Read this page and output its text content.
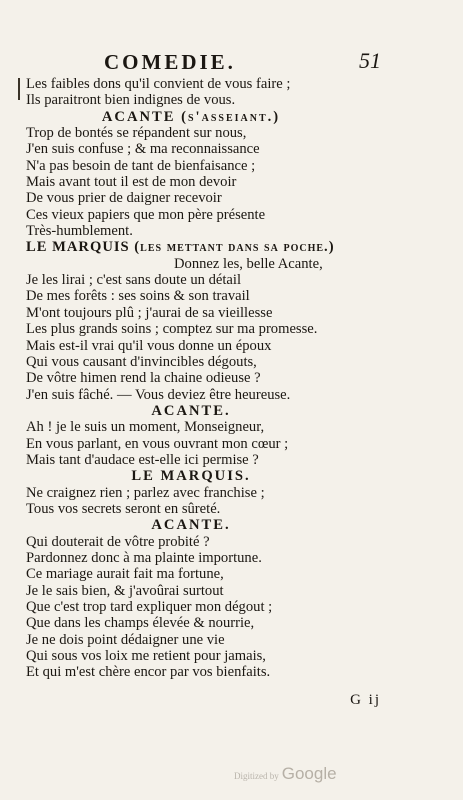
COMEDIE.	51
Les faibles dons qu'il convient de vous faire ;
Ils paraitront bien indignes de vous.
ACANTE (s'asseiant.)
Trop de bontés se répandent sur nous,
J'en suis confuse ; & ma reconnaissance
N'a pas besoin de tant de bienfaisance ;
Mais avant tout il est de mon devoir
De vous prier de daigner recevoir
Ces vieux papiers que mon père présente
Très-humblement.
LE MARQUIS (les mettant dans sa poche.)
Donnez les, belle Acante,
Je les lirai ; c'est sans doute un détail
De mes forêts : ses soins & son travail
M'ont toujours plû ; j'aurai de sa vieillesse
Les plus grands soins ; comptez sur ma promesse.
Mais est-il vrai qu'il vous donne un époux
Qui vous causant d'invincibles dégouts,
De vôtre himen rend la chaine odieuse ?
J'en suis fâché. — Vous deviez être heureuse.
ACANTE.
Ah ! je le suis un moment, Monseigneur,
En vous parlant, en vous ouvrant mon cœur ;
Mais tant d'audace est-elle ici permise ?
LE MARQUIS.
Ne craignez rien ; parlez avec franchise ;
Tous vos secrets seront en sûreté.
ACANTE.
Qui douterait de vôtre probité ?
Pardonnez donc à ma plainte importune.
Ce mariage aurait fait ma fortune,
Je le sais bien, & j'avoûrai surtout
Que c'est trop tard expliquer mon dégout ;
Que dans les champs élevée & nourrie,
Je ne dois point dédaigner une vie
Qui sous vos loix me retient pour jamais,
Et qui m'est chère encor par vos bienfaits.
G ij
Digitized by Google
